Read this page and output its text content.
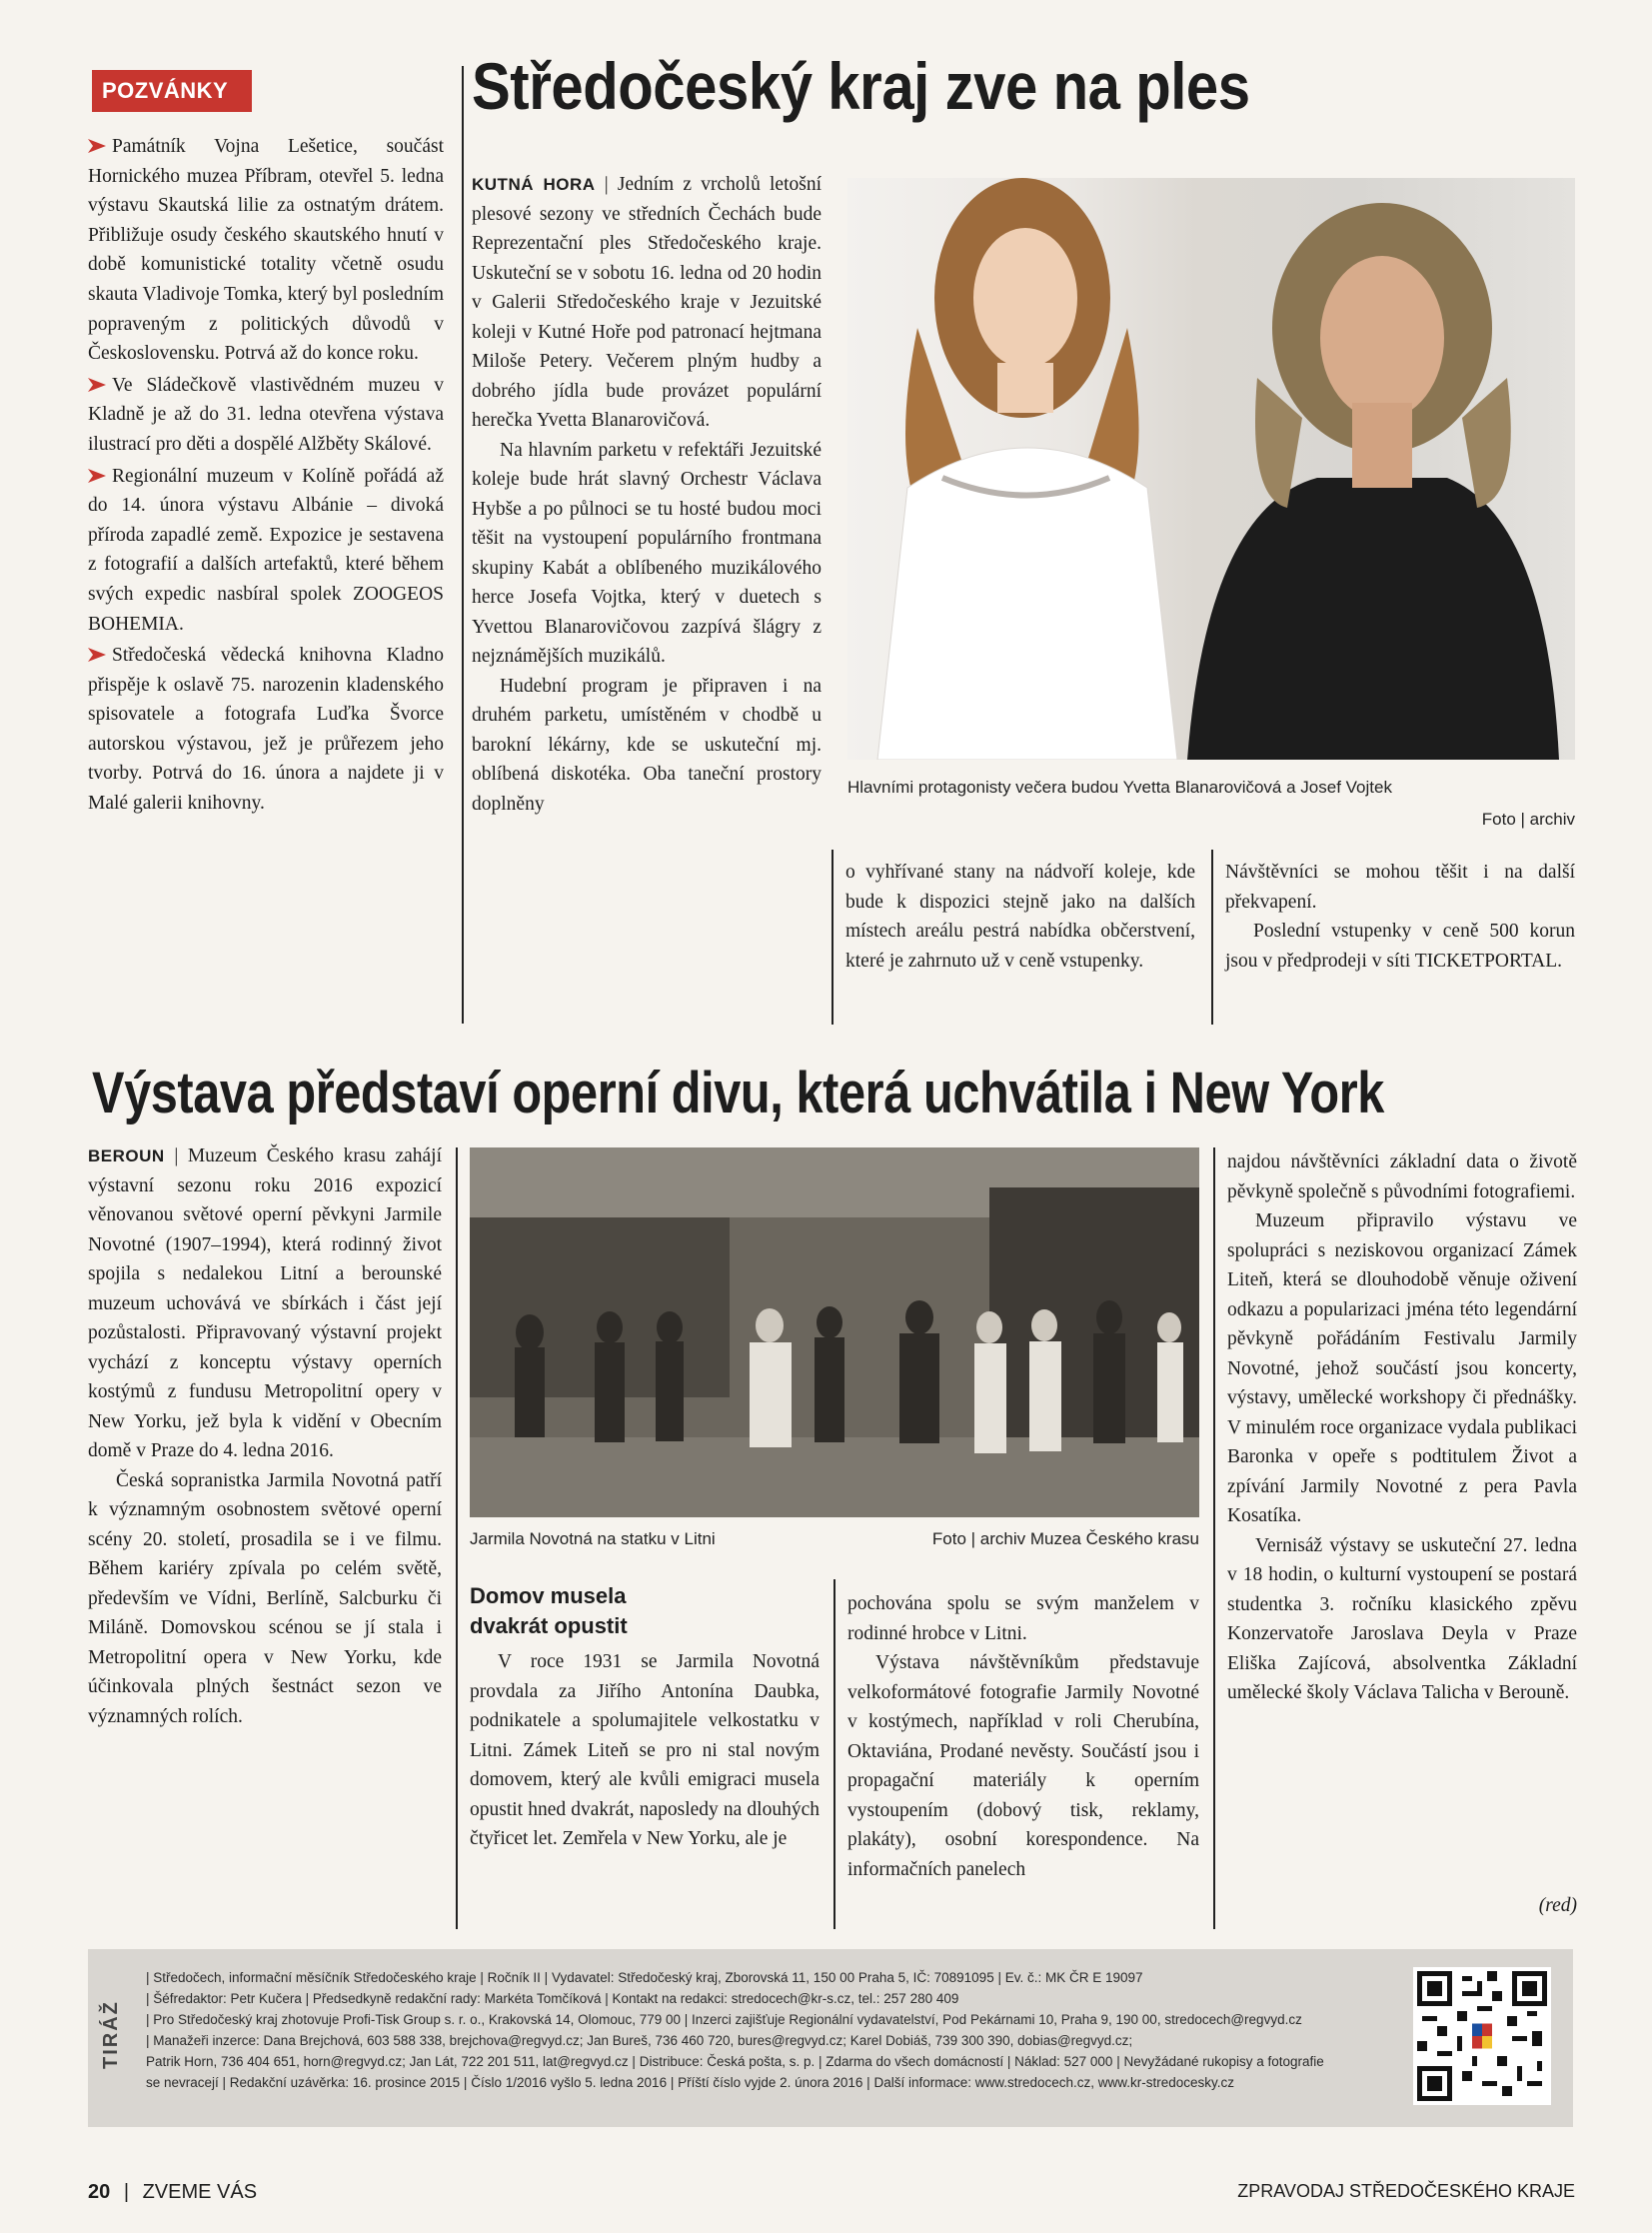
POZVÁNKY

Památník Vojna Lešetice, součást Hornického muzea Příbram, otevřel 5. ledna výstavu Skautská lilie za ostnatým drátem. Přibližuje osudy českého skautského hnutí v době komunistické totality včetně osudu skauta Vladivoje Tomka, který byl posledním popraveným z politických důvodů v Československu. Potrvá až do konce roku.

Ve Sládečkově vlastivědném muzeu v Kladně je až do 31. ledna otevřena výstava ilustrací pro děti a dospělé Alžběty Skálové.

Regionální muzeum v Kolíně pořádá až do 14. února výstavu Albánie – divoká příroda zapadlé země. Expozice je sestavena z fotografií a dalších artefaktů, které během svých expedic nasbíral spolek ZOOGEOS BOHEMIA.

Středočeská vědecká knihovna Kladno přispěje k oslavě 75. narozenin kladenského spisovatele a fotografa Luďka Švorce autorskou výstavou, jež je průřezem jeho tvorby. Potrvá do 16. února a najdete ji v Malé galerii knihovny.

Středočeský kraj zve na ples

KUTNÁ HORA | Jedním z vrcholů letošní plesové sezony ve středních Čechách bude Reprezentační ples Středočeského kraje. Uskuteční se v sobotu 16. ledna od 20 hodin v Galerii Středočeského kraje v Jezuitské koleji v Kutné Hoře pod patronací hejtmana Miloše Petery. Večerem plným hudby a dobrého jídla bude provázet populární herečka Yvetta Blanarovičová.

Na hlavním parketu v refektáři Jezuitské koleje bude hrát slavný Orchestr Václava Hybše a po půlnoci se tu hosté budou moci těšit na vystoupení populárního frontmana skupiny Kabát a oblíbeného muzikálového herce Josefa Vojtka, který v duetech s Yvettou Blanarovičovou zazpívá šlágry z nejznámějších muzikálů.

Hudební program je připraven i na druhém parketu, umístěném v chodbě u barokní lékárny, kde se uskuteční mj. oblíbená diskotéka. Oba taneční prostory doplněny

Hlavními protagonisty večera budou Yvetta Blanarovičová a Josef Vojtek
Foto | archiv

o vyhřívané stany na nádvoří koleje, kde bude k dispozici stejně jako na dalších místech areálu pestrá nabídka občerstvení, které je zahrnuto už v ceně vstupenky.

Návštěvníci se mohou těšit i na další překvapení.

Poslední vstupenky v ceně 500 korun jsou v předprodeji v síti TICKETPORTAL.

Výstava představí operní divu, která uchvátila i New York

BEROUN | Muzeum Českého krasu zahájí výstavní sezonu roku 2016 expozicí věnovanou světové operní pěvkyni Jarmile Novotné (1907–1994), která rodinný život spojila s nedalekou Litní a berounské muzeum uchovává ve sbírkách i část její pozůstalosti. Připravovaný výstavní projekt vychází z konceptu výstavy operních kostýmů z fundusu Metropolitní opery v New Yorku, jež byla k vidění v Obecním domě v Praze do 4. ledna 2016.

Česká sopranistka Jarmila Novotná patří k významným osobnostem světové operní scény 20. století, prosadila se i ve filmu. Během kariéry zpívala po celém světě, především ve Vídni, Berlíně, Salcburku či Miláně. Domovskou scénou se jí stala i Metropolitní opera v New Yorku, kde účinkovala plných šestnáct sezon ve významných rolích.

Jarmila Novotná na statku v Litni	Foto | archiv Muzea Českého krasu
Domov musela dvakrát opustit

V roce 1931 se Jarmila Novotná provdala za Jiřího Antonína Daubka, podnikatele a spolumajitele velkostatku v Litni. Zámek Liteň se pro ni stal novým domovem, který ale kvůli emigraci musela opustit hned dvakrát, naposledy na dlouhých čtyřicet let. Zemřela v New Yorku, ale je

pochována spolu se svým manželem v rodinné hrobce v Litni.

Výstava návštěvníkům představuje velkoformátové fotografie Jarmily Novotné v kostýmech, například v roli Cherubína, Oktaviána, Prodané nevěsty. Součástí jsou i propagační materiály k operním vystoupením (dobový tisk, reklamy, plakáty), osobní korespondence. Na informačních panelech

najdou návštěvníci základní data o životě pěvkyně společně s původními fotografiemi.

Muzeum připravilo výstavu ve spolupráci s neziskovou organizací Zámek Liteň, která se dlouhodobě věnuje oživení odkazu a popularizaci jména této legendární pěvkyně pořádáním Festivalu Jarmily Novotné, jehož součástí jsou koncerty, výstavy, umělecké workshopy či přednášky. V minulém roce organizace vydala publikaci Baronka v opeře s podtitulem Život a zpívání Jarmily Novotné z pera Pavla Kosatíka.

Vernisáž výstavy se uskuteční 27. ledna v 18 hodin, o kulturní vystoupení se postará studentka 3. ročníku klasického zpěvu Konzervatoře Jaroslava Deyla v Praze Eliška Zajícová, absolventka Základní umělecké školy Václava Talicha v Berouně.

(red)
TIRÁŽ
| Středočech, informační měsíčník Středočeského kraje | Ročník II | Vydavatel: Středočeský kraj, Zborovská 11, 150 00 Praha 5, IČ: 70891095 | Ev. č.: MK ČR E 19097
| Šéfredaktor: Petr Kučera | Předsedkyně redakční rady: Markéta Tomčíková | Kontakt na redakci: stredocech@kr-s.cz, tel.: 257 280 409
| Pro Středočeský kraj zhotovuje Profi-Tisk Group s. r. o., Krakovská 14, Olomouc, 779 00 | Inzerci zajišťuje Regionální vydavatelství, Pod Pekárnami 10, Praha 9, 190 00, stredocech@regvyd.cz
| Manažeři inzerce: Dana Brejchová, 603 588 338, brejchova@regvyd.cz; Jan Bureš, 736 460 720, bures@regvyd.cz; Karel Dobiáš, 739 300 390, dobias@regvyd.cz;
Patrik Horn, 736 404 651, horn@regvyd.cz; Jan Lát, 722 201 511, lat@regvyd.cz | Distribuce: Česká pošta, s. p. | Zdarma do všech domácností | Náklad: 527 000 | Nevyžádané rukopisy a fotografie
se nevracejí | Redakční uzávěrka: 16. prosince 2015 | Číslo 1/2016 vyšlo 5. ledna 2016 | Příští číslo vyjde 2. února 2016 | Další informace: www.stredocech.cz, www.kr-stredocesky.cz
20 | ZVEME VÁS	ZPRAVODAJ STŘEDOČESKÉHO KRAJE
